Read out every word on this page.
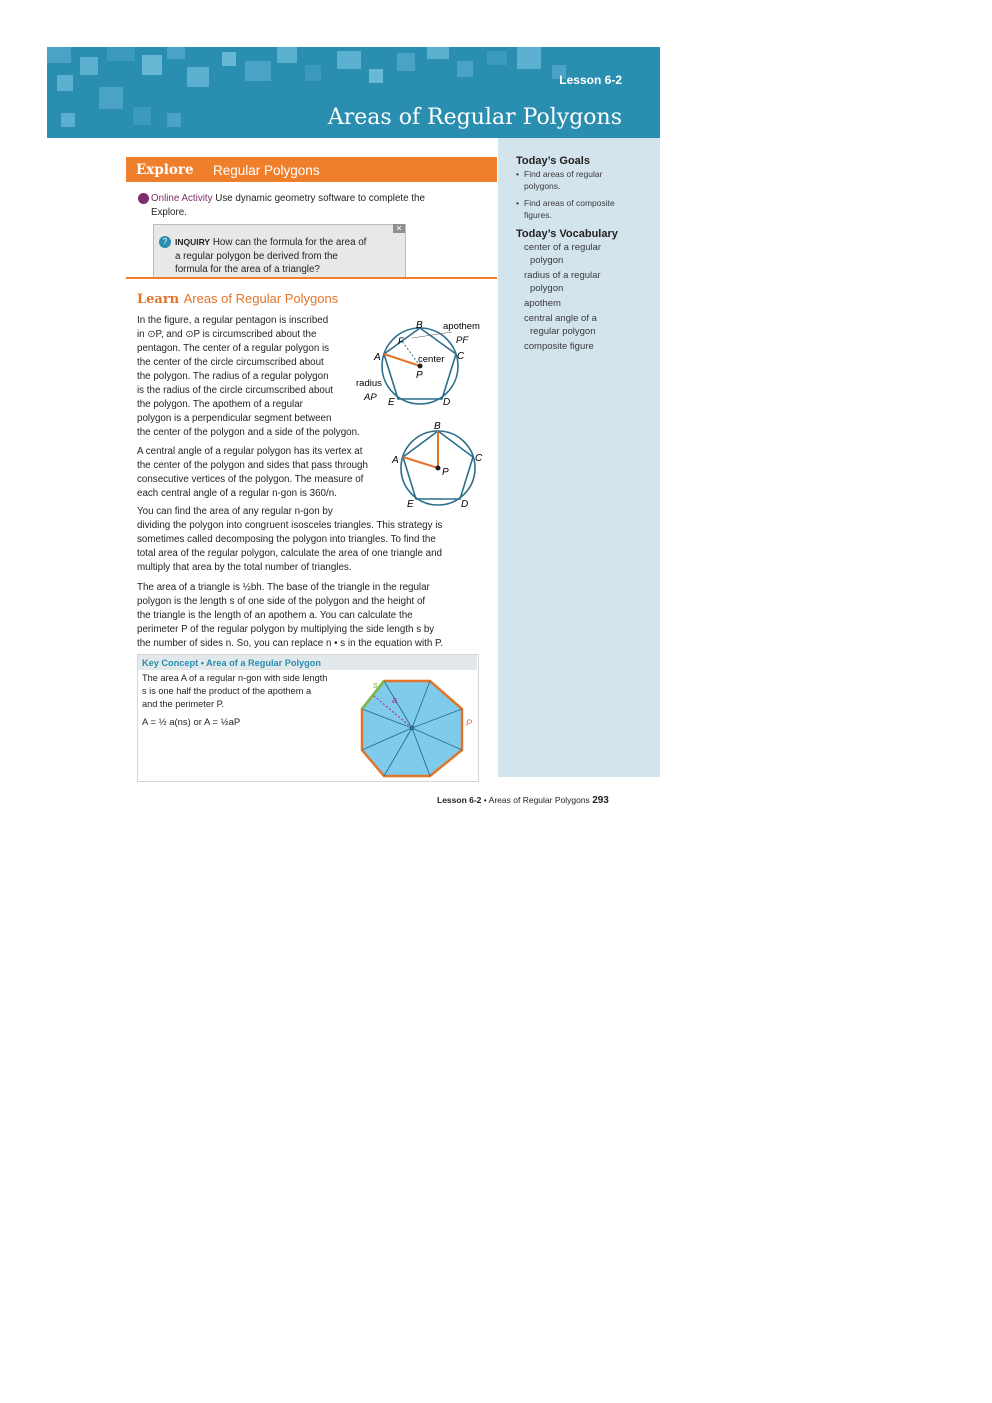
Lesson 6-2
Areas of Regular Polygons
Today’s Goals
• Find areas of regular
polygons.
• Find areas of composite
figures.
Today’s Vocabulary
center of a regular
polygon
radius of a regular
polygon
apothem
central angle of a
regular polygon
composite figure
Explore Regular Polygons
Online Activity Use dynamic geometry software to complete the
Explore.
✕
? INQUIRY How can the formula for the area of
a regular polygon be derived from the
formula for the area of a triangle?
Learn Areas of Regular Polygons
In the figure, a regular pentagon is inscribed
in ⊙P, and ⊙P is circumscribed about the
pentagon. The center of a regular polygon is
the center of the circle circumscribed about
the polygon. The radius of a regular polygon
is the radius of the circle circumscribed about
the polygon. The apothem of a regular
polygon is a perpendicular segment between
the center of the polygon and a side of the polygon.
B apothem
PF
F
A	center C
P
radius
AP E	D
A central angle of a regular polygon has its vertex at
the center of the polygon and sides that pass through
consecutive vertices of the polygon. The measure of
each central angle of a regular n-gon is 360/n.
B
A	C
P
E	D
You can find the area of any regular n-gon by
dividing the polygon into congruent isosceles triangles. This strategy is
sometimes called decomposing the polygon into triangles. To find the
total area of the regular polygon, calculate the area of one triangle and
multiply that area by the total number of triangles.
The area of a triangle is ½bh. The base of the triangle in the regular
polygon is the length s of one side of the polygon and the height of
the triangle is the length of an apothem a. You can calculate the
perimeter P of the regular polygon by multiplying the side length s by
the number of sides n. So, you can replace n • s in the equation with P.
Key Concept • Area of a Regular Polygon
The area A of a regular n-gon with side length
s is one half the product of the apothem a
and the perimeter P.
A = ½ a(ns) or A = ½aP
s
a
P
Lesson 6-2 • Areas of Regular Polygons 293
